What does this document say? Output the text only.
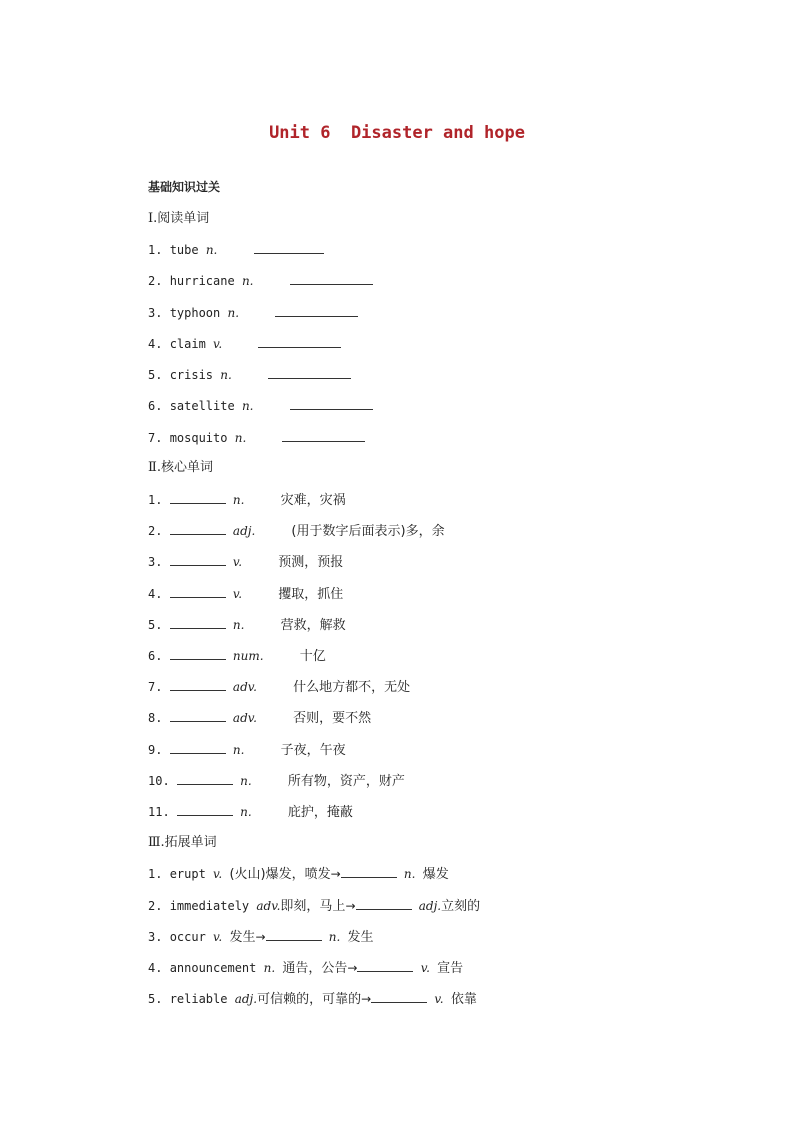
Unit 6  Disaster and hope
基础知识过关
Ⅰ.阅读单词
1. tube n.
2. hurricane n.
3. typhoon n.
4. claim v.
5. crisis n.
6. satellite n.
7. mosquito n.
Ⅱ.核心单词
1.	n.	灾难，灾祸
2.	adj.	(用于数字后面表示)多，余
3.	v.	预测，预报
4.	v.	攫取，抓住
5.	n.	营救，解救
6.	num.	十亿
7.	adv.	什么地方都不，无处
8.	adv.	否则，要不然
9.	n.	子夜，午夜
10.	n.	所有物，资产，财产
11.	n.	庇护，掩蔽
Ⅲ.拓展单词
1. erupt v. (火山)爆发，喷发→	n. 爆发
2. immediately adv.即刻，马上→	adj.立刻的
3. occur v. 发生→	n. 发生
4. announcement n. 通告，公告→	v. 宣告
5. reliable adj.可信赖的，可靠的→	v. 依靠
